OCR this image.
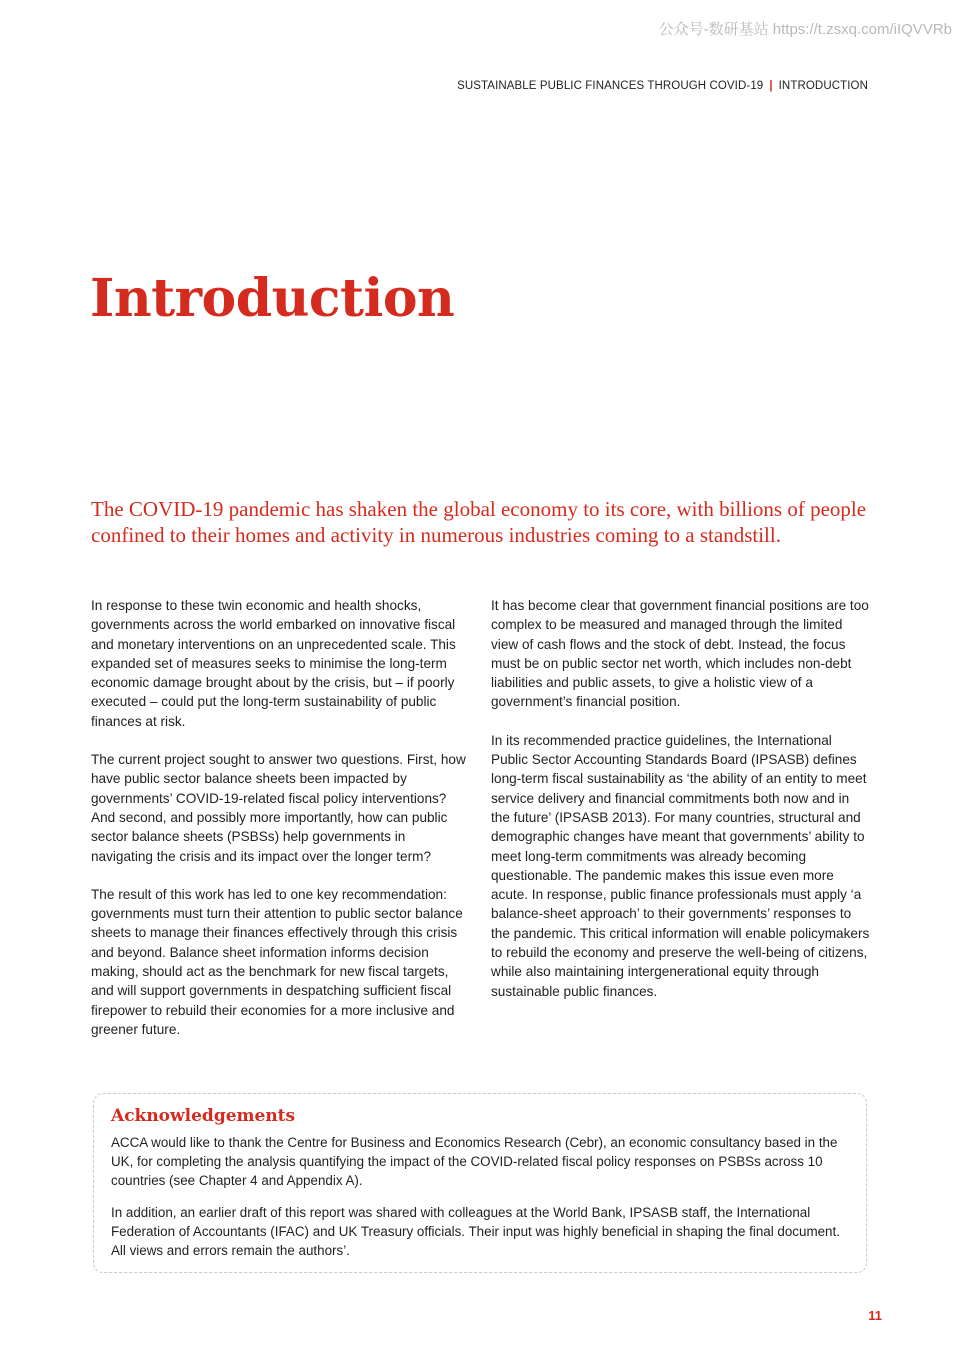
公众号-数研基站 https://t.zsxq.com/iIQVVRb
SUSTAINABLE PUBLIC FINANCES THROUGH COVID-19 | INTRODUCTION
Introduction

The COVID-19 pandemic has shaken the global economy to its core, with billions of people confined to their homes and activity in numerous industries coming to a standstill.

In response to these twin economic and health shocks, governments across the world embarked on innovative fiscal and monetary interventions on an unprecedented scale. This expanded set of measures seeks to minimise the long-term economic damage brought about by the crisis, but – if poorly executed – could put the long-term sustainability of public finances at risk.

The current project sought to answer two questions. First, how have public sector balance sheets been impacted by governments’ COVID-19-related fiscal policy interventions? And second, and possibly more importantly, how can public sector balance sheets (PSBSs) help governments in navigating the crisis and its impact over the longer term?

The result of this work has led to one key recommendation: governments must turn their attention to public sector balance sheets to manage their finances effectively through this crisis and beyond. Balance sheet information informs decision making, should act as the benchmark for new fiscal targets, and will support governments in despatching sufficient fiscal firepower to rebuild their economies for a more inclusive and greener future.

It has become clear that government financial positions are too complex to be measured and managed through the limited view of cash flows and the stock of debt. Instead, the focus must be on public sector net worth, which includes non-debt liabilities and public assets, to give a holistic view of a government’s financial position.

In its recommended practice guidelines, the International Public Sector Accounting Standards Board (IPSASB) defines long-term fiscal sustainability as ‘the ability of an entity to meet service delivery and financial commitments both now and in the future’ (IPSASB 2013). For many countries, structural and demographic changes have meant that governments’ ability to meet long-term commitments was already becoming questionable. The pandemic makes this issue even more acute. In response, public finance professionals must apply ‘a balance-sheet approach’ to their governments’ responses to the pandemic. This critical information will enable policymakers to rebuild the economy and preserve the well-being of citizens, while also maintaining intergenerational equity through sustainable public finances.

Acknowledgements

ACCA would like to thank the Centre for Business and Economics Research (Cebr), an economic consultancy based in the UK, for completing the analysis quantifying the impact of the COVID-related fiscal policy responses on PSBSs across 10 countries (see Chapter 4 and Appendix A).

In addition, an earlier draft of this report was shared with colleagues at the World Bank, IPSASB staff, the International Federation of Accountants (IFAC) and UK Treasury officials. Their input was highly beneficial in shaping the final document. All views and errors remain the authors’.

11
